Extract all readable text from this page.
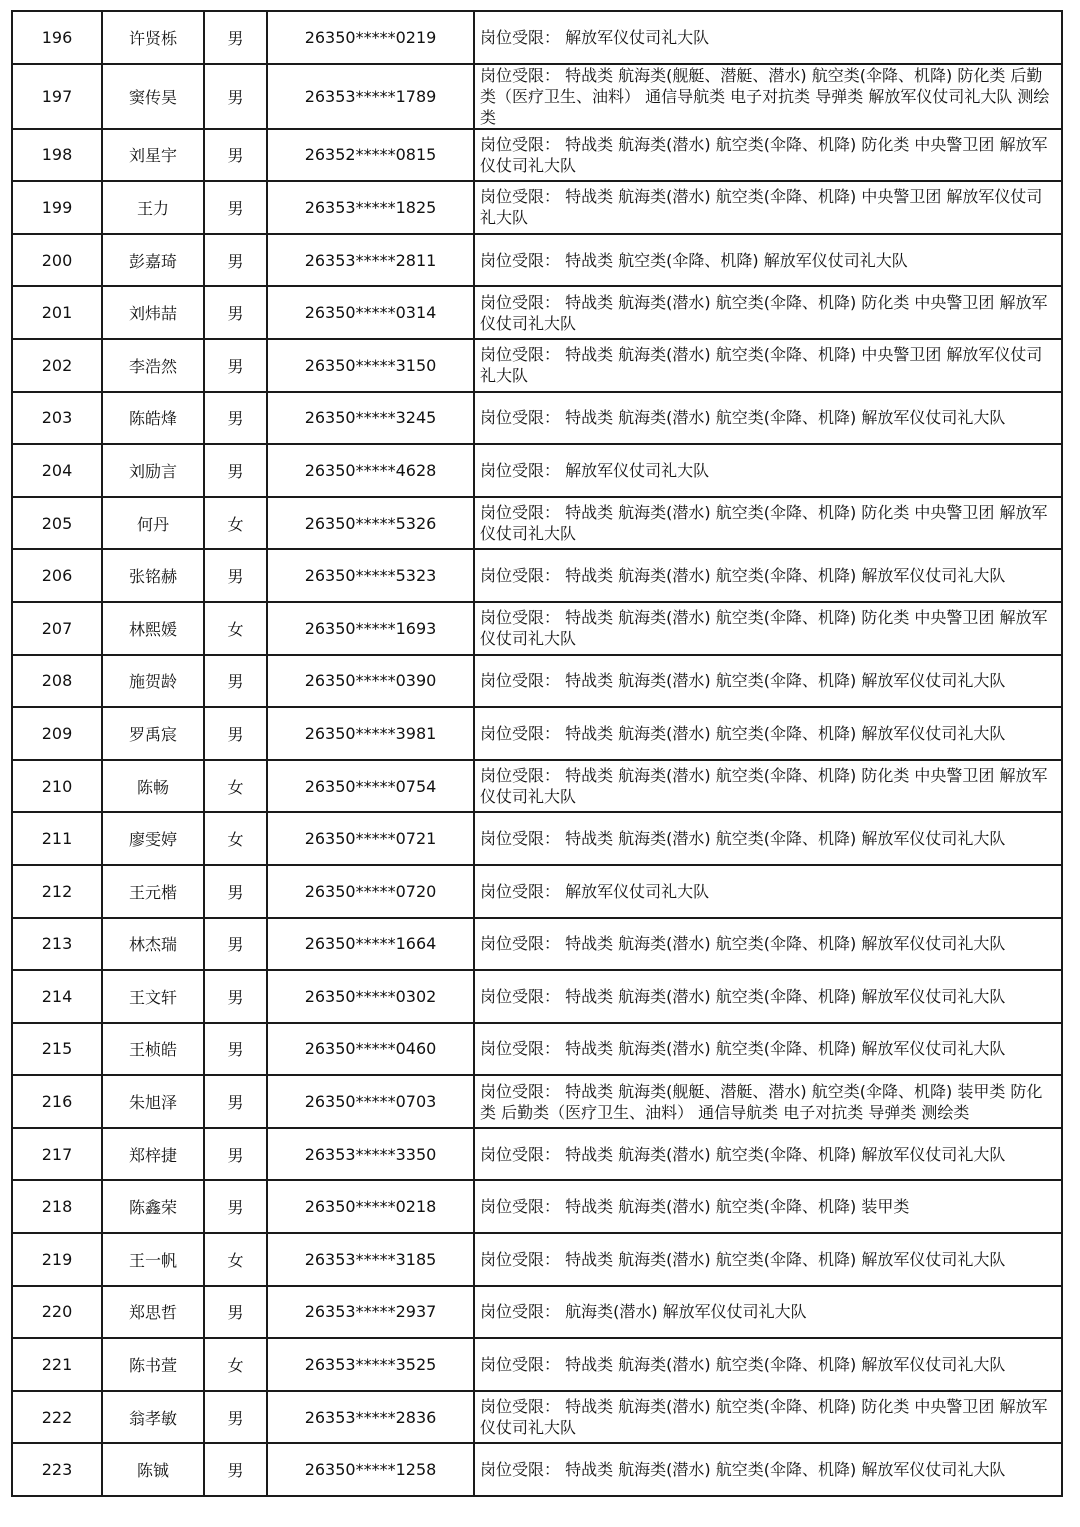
196	许贤栎	男	26350*****0219	岗位受限： 解放军仪仗司礼大队
197	窦传昊	男	26353*****1789	岗位受限： 特战类 航海类(舰艇、潜艇、潜水) 航空类(伞降、机降) 防化类 后勤类（医疗卫生、油料） 通信导航类 电子对抗类 导弹类 解放军仪仗司礼大队 测绘类
198	刘星宇	男	26352*****0815	岗位受限： 特战类 航海类(潜水) 航空类(伞降、机降) 防化类 中央警卫团 解放军仪仗司礼大队
199	王力	男	26353*****1825	岗位受限： 特战类 航海类(潜水) 航空类(伞降、机降) 中央警卫团 解放军仪仗司礼大队
200	彭嘉琦	男	26353*****2811	岗位受限： 特战类 航空类(伞降、机降) 解放军仪仗司礼大队
201	刘炜喆	男	26350*****0314	岗位受限： 特战类 航海类(潜水) 航空类(伞降、机降) 防化类 中央警卫团 解放军仪仗司礼大队
202	李浩然	男	26350*****3150	岗位受限： 特战类 航海类(潜水) 航空类(伞降、机降) 中央警卫团 解放军仪仗司礼大队
203	陈皓烽	男	26350*****3245	岗位受限： 特战类 航海类(潜水) 航空类(伞降、机降) 解放军仪仗司礼大队
204	刘励言	男	26350*****4628	岗位受限： 解放军仪仗司礼大队
205	何丹	女	26350*****5326	岗位受限： 特战类 航海类(潜水) 航空类(伞降、机降) 防化类 中央警卫团 解放军仪仗司礼大队
206	张铭赫	男	26350*****5323	岗位受限： 特战类 航海类(潜水) 航空类(伞降、机降) 解放军仪仗司礼大队
207	林熙媛	女	26350*****1693	岗位受限： 特战类 航海类(潜水) 航空类(伞降、机降) 防化类 中央警卫团 解放军仪仗司礼大队
208	施贺龄	男	26350*****0390	岗位受限： 特战类 航海类(潜水) 航空类(伞降、机降) 解放军仪仗司礼大队
209	罗禹宸	男	26350*****3981	岗位受限： 特战类 航海类(潜水) 航空类(伞降、机降) 解放军仪仗司礼大队
210	陈畅	女	26350*****0754	岗位受限： 特战类 航海类(潜水) 航空类(伞降、机降) 防化类 中央警卫团 解放军仪仗司礼大队
211	廖雯婷	女	26350*****0721	岗位受限： 特战类 航海类(潜水) 航空类(伞降、机降) 解放军仪仗司礼大队
212	王元楷	男	26350*****0720	岗位受限： 解放军仪仗司礼大队
213	林杰瑞	男	26350*****1664	岗位受限： 特战类 航海类(潜水) 航空类(伞降、机降) 解放军仪仗司礼大队
214	王文轩	男	26350*****0302	岗位受限： 特战类 航海类(潜水) 航空类(伞降、机降) 解放军仪仗司礼大队
215	王桢皓	男	26350*****0460	岗位受限： 特战类 航海类(潜水) 航空类(伞降、机降) 解放军仪仗司礼大队
216	朱旭泽	男	26350*****0703	岗位受限： 特战类 航海类(舰艇、潜艇、潜水) 航空类(伞降、机降) 装甲类 防化类 后勤类（医疗卫生、油料） 通信导航类 电子对抗类 导弹类 测绘类
217	郑梓捷	男	26353*****3350	岗位受限： 特战类 航海类(潜水) 航空类(伞降、机降) 解放军仪仗司礼大队
218	陈鑫荣	男	26350*****0218	岗位受限： 特战类 航海类(潜水) 航空类(伞降、机降) 装甲类
219	王一帆	女	26353*****3185	岗位受限： 特战类 航海类(潜水) 航空类(伞降、机降) 解放军仪仗司礼大队
220	郑思哲	男	26353*****2937	岗位受限： 航海类(潜水) 解放军仪仗司礼大队
221	陈书萱	女	26353*****3525	岗位受限： 特战类 航海类(潜水) 航空类(伞降、机降) 解放军仪仗司礼大队
222	翁孝敏	男	26353*****2836	岗位受限： 特战类 航海类(潜水) 航空类(伞降、机降) 防化类 中央警卫团 解放军仪仗司礼大队
223	陈铖	男	26350*****1258	岗位受限： 特战类 航海类(潜水) 航空类(伞降、机降) 解放军仪仗司礼大队
